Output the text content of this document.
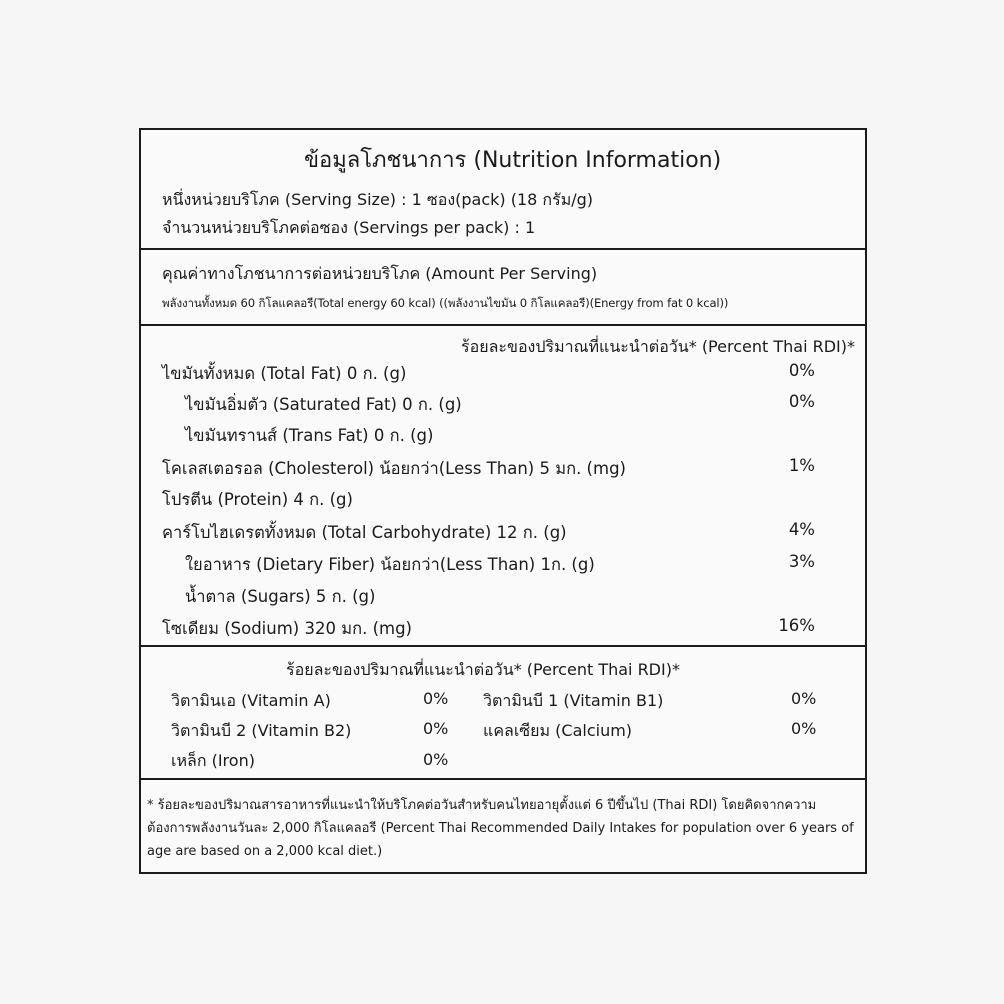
ข้อมูลโภชนาการ (Nutrition Information)
หนึ่งหน่วยบริโภค (Serving Size) : 1 ซอง(pack) (18 กรัม/g)
จำนวนหน่วยบริโภคต่อซอง (Servings per pack) : 1
คุณค่าทางโภชนาการต่อหน่วยบริโภค (Amount Per Serving)
พลังงานทั้งหมด 60 กิโลแคลอรี(Total energy 60 kcal) ((พลังงานไขมัน 0 กิโลแคลอรี)(Energy from fat 0 kcal))
ร้อยละของปริมาณที่แนะนำต่อวัน* (Percent Thai RDI)*
ไขมันทั้งหมด (Total Fat) 0 ก. (g)	0%
ไขมันอิ่มตัว (Saturated Fat) 0 ก. (g)	0%
ไขมันทรานส์ (Trans Fat) 0 ก. (g)
โคเลสเตอรอล (Cholesterol) น้อยกว่า(Less Than) 5 มก. (mg)	1%
โปรตีน (Protein) 4 ก. (g)
คาร์โบไฮเดรตทั้งหมด (Total Carbohydrate) 12 ก. (g)	4%
ใยอาหาร (Dietary Fiber) น้อยกว่า(Less Than) 1ก. (g)	3%
น้ำตาล (Sugars) 5 ก. (g)
โซเดียม (Sodium) 320 มก. (mg)	16%
ร้อยละของปริมาณที่แนะนำต่อวัน* (Percent Thai RDI)*
วิตามินเอ (Vitamin A)	0% วิตามินบี 1 (Vitamin B1)	0%
วิตามินบี 2 (Vitamin B2)	0% แคลเซียม (Calcium)	0%
เหล็ก (Iron)	0%
* ร้อยละของปริมาณสารอาหารที่แนะนำให้บริโภคต่อวันสำหรับคนไทยอายุตั้งแต่ 6 ปีขึ้นไป (Thai RDI) โดยคิดจากความ
ต้องการพลังงานวันละ 2,000 กิโลแคลอรี (Percent Thai Recommended Daily Intakes for population over 6 years of
age are based on a 2,000 kcal diet.)
